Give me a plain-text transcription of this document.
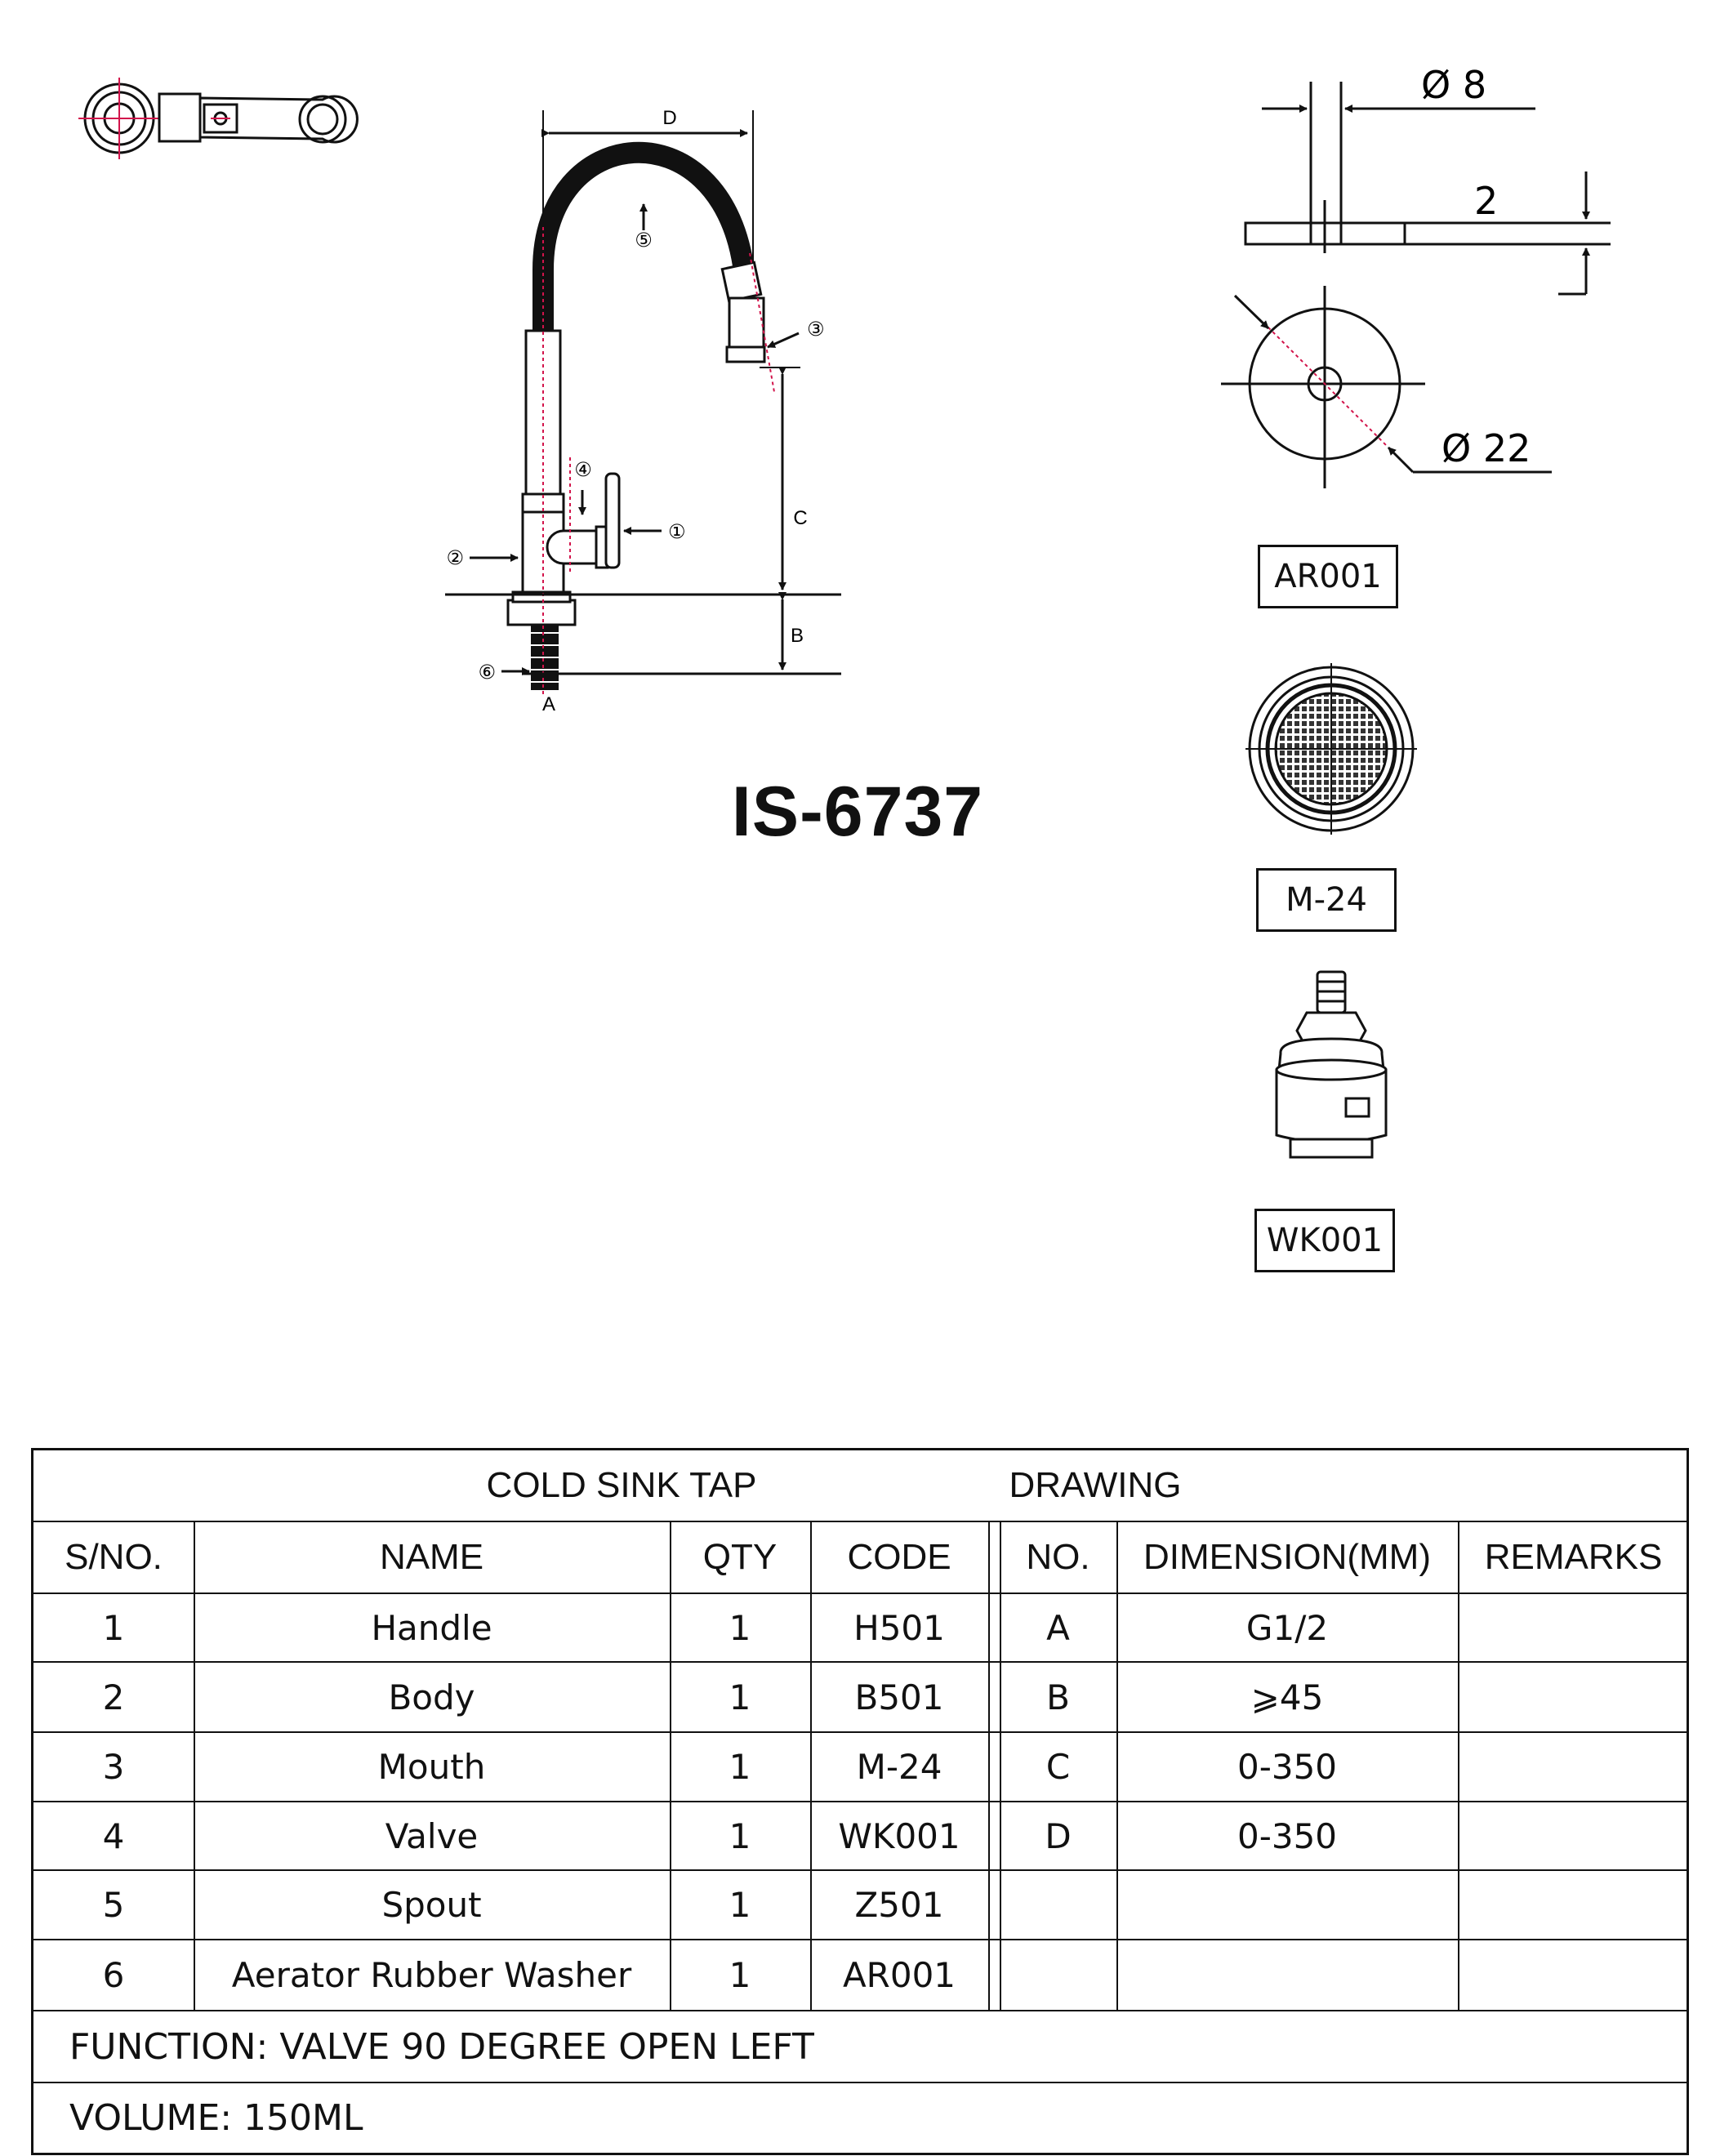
D
C
B
A
①
②
③
④
⑤
⑥
Ø 8
2
Ø 22
IS-6737
AR001
M-24
WK001
COLD SINK TAP	DRAWING
S/NO.	NAME	QTY	CODE	NO.	DIMENSION(MM)	REMARKS
1	Handle	1	H501	A	G1/2
2	Body	1	B501	B	⩾45
3	Mouth	1	M-24	C	0-350
4	Valve	1	WK001	D	0-350
5	Spout	1	Z501
6	Aerator Rubber Washer	1	AR001
FUNCTION: VALVE 90 DEGREE OPEN LEFT
VOLUME: 150ML
